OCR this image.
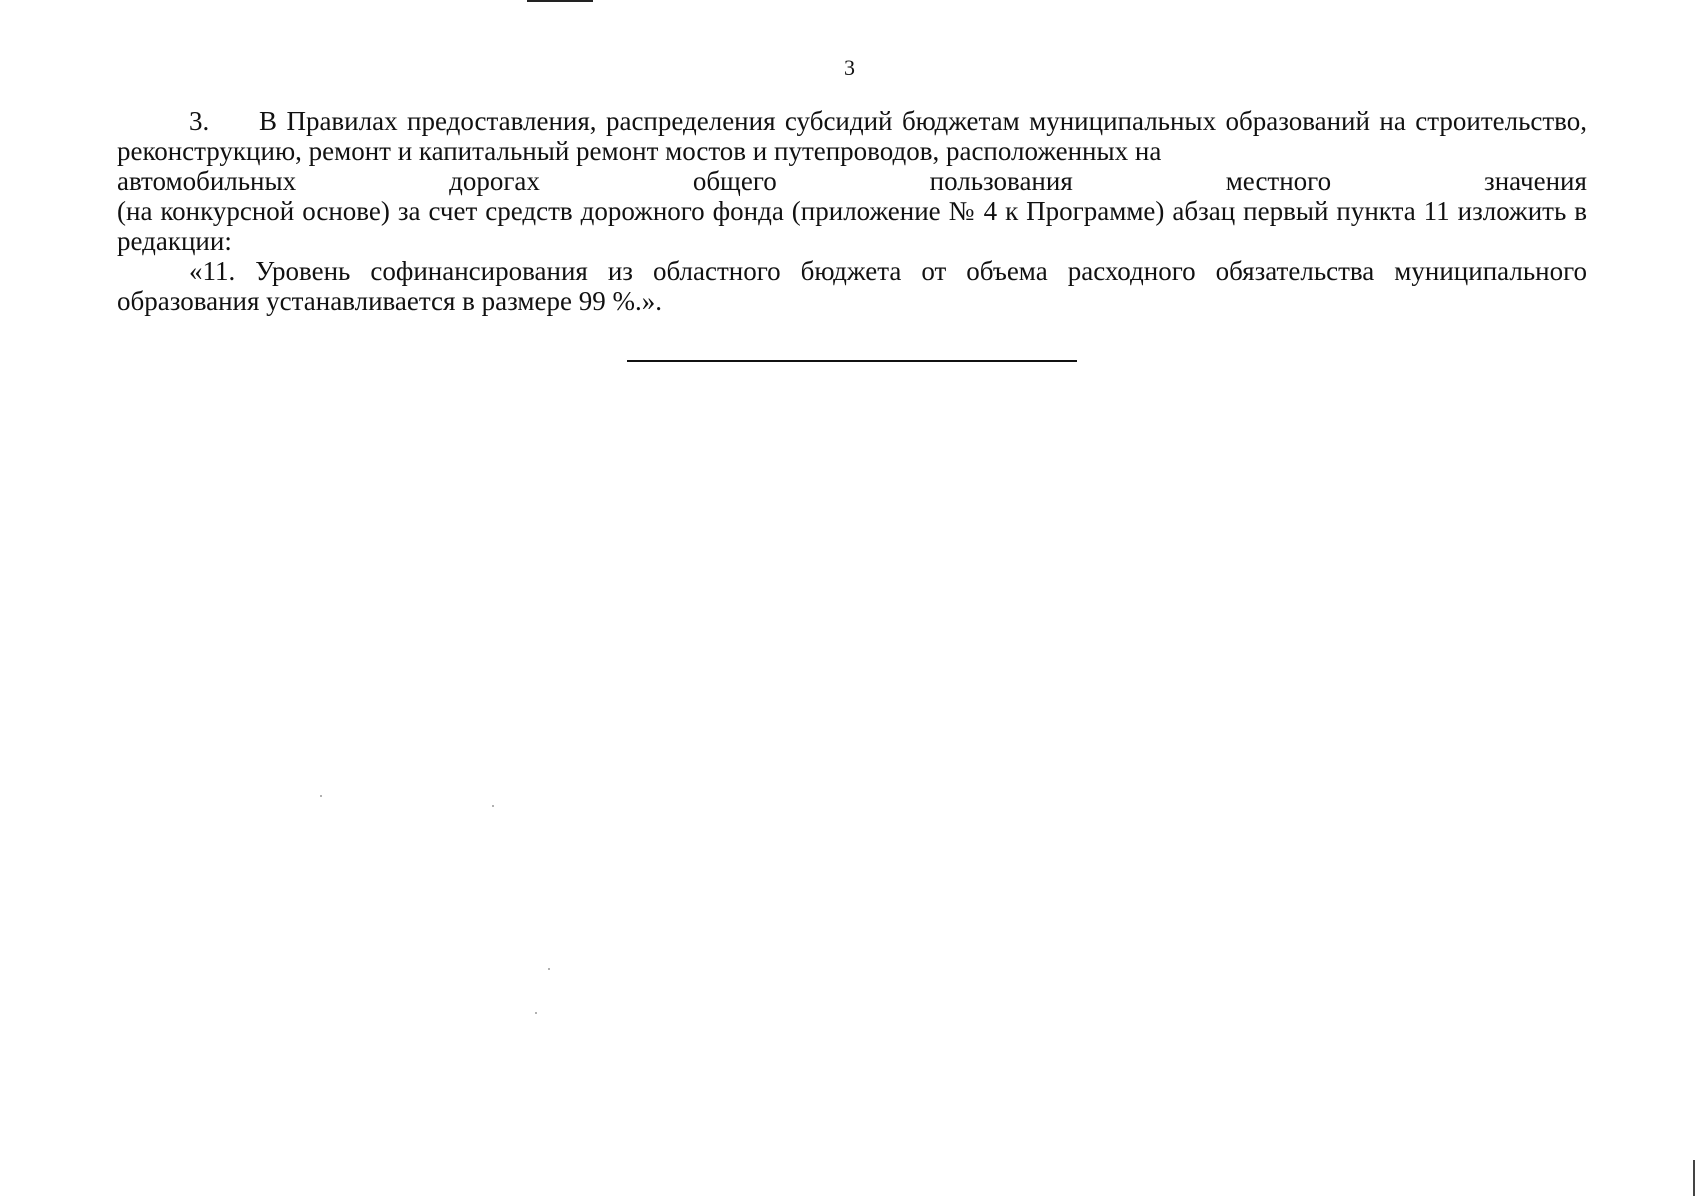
3

3. В Правилах предоставления, распределения субсидий бюджетам муниципальных образований на строительство, реконструкцию, ремонт и капитальный ремонт мостов и путепроводов, расположенных на

автомобильных	дорогах	общего	пользования	местного	значения

(на конкурсной основе) за счет средств дорожного фонда (приложение № 4 к Программе) абзац первый пункта 11 изложить в редакции:

«11. Уровень софинансирования из областного бюджета от объема расходного обязательства муниципального образования устанавливается в размере 99 %.».
